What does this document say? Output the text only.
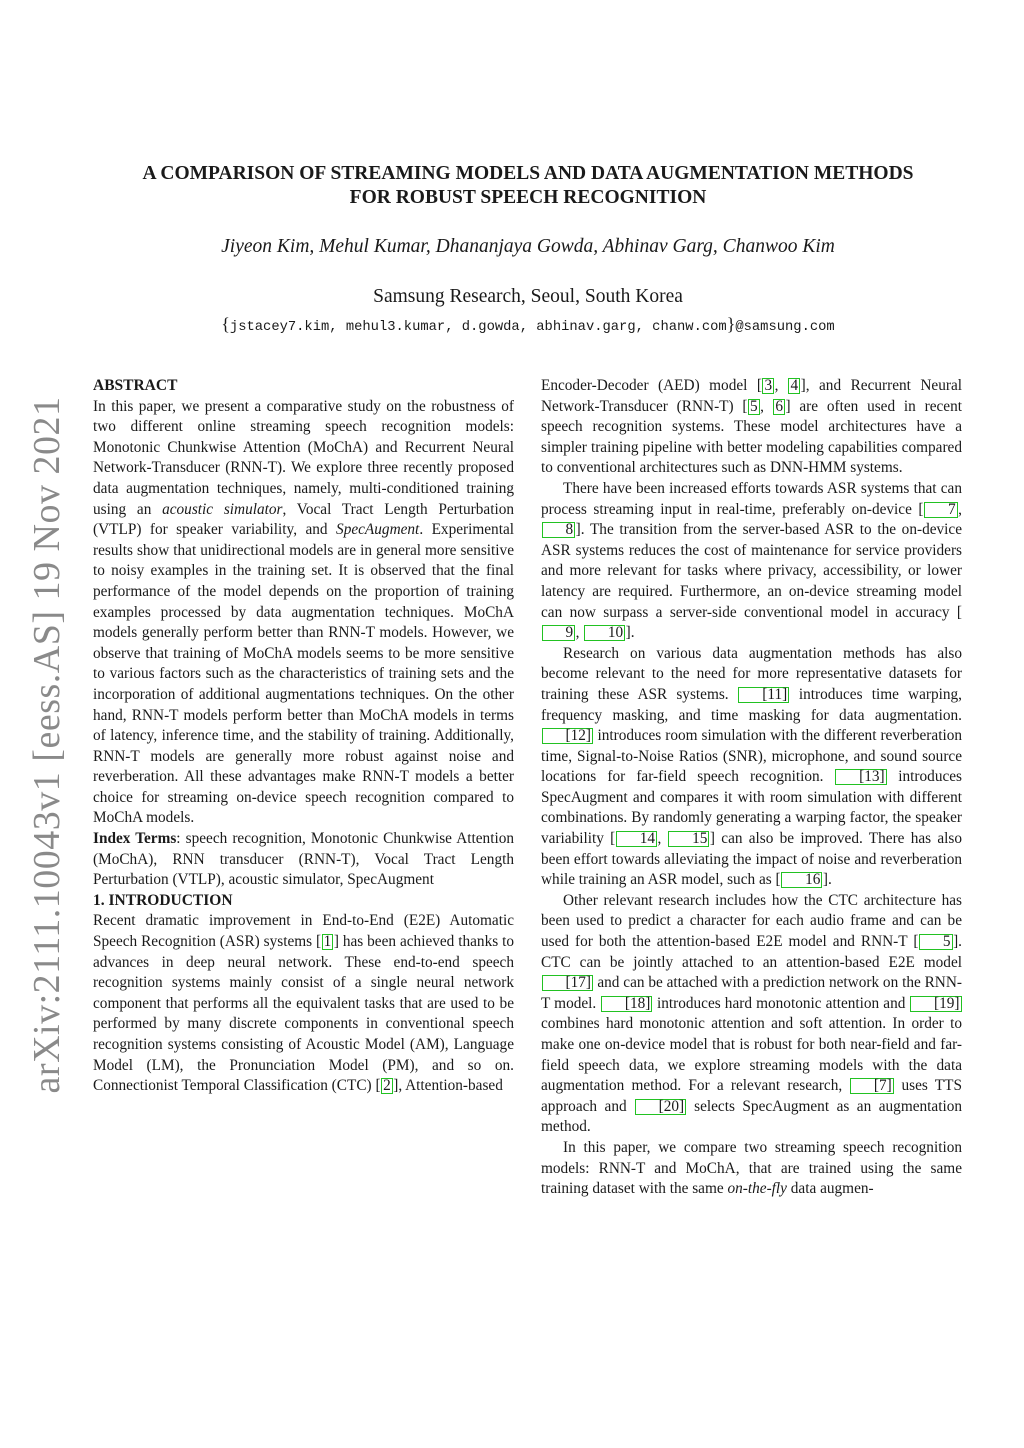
arXiv:2111.10043v1 [eess.AS] 19 Nov 2021

A COMPARISON OF STREAMING MODELS AND DATA AUGMENTATION METHODS

FOR ROBUST SPEECH RECOGNITION

Jiyeon Kim, Mehul Kumar, Dhananjaya Gowda, Abhinav Garg, Chanwoo Kim
Samsung Research, Seoul, South Korea
{jstacey7.kim, mehul3.kumar, d.gowda, abhinav.garg, chanw.com}@samsung.com

ABSTRACT

In this paper, we present a comparative study on the robustness of two different online streaming speech recognition models: Monotonic Chunkwise Attention (MoChA) and Recurrent Neural Network-Transducer (RNN-T). We explore three recently proposed data augmentation techniques, namely, multi-conditioned training using an acoustic simulator, Vocal Tract Length Perturbation (VTLP) for speaker variability, and SpecAugment. Experimental results show that unidirectional models are in general more sensitive to noisy examples in the training set. It is observed that the final performance of the model depends on the proportion of training examples processed by data augmentation techniques. MoChA models generally perform better than RNN-T models. However, we observe that training of MoChA models seems to be more sensitive to various factors such as the characteristics of training sets and the incorporation of additional augmentations techniques. On the other hand, RNN-T models perform better than MoChA models in terms of latency, inference time, and the stability of training. Additionally, RNN-T models are generally more robust against noise and reverberation. All these advantages make RNN-T models a better choice for streaming on-device speech recognition compared to MoChA models.

Index Terms: speech recognition, Monotonic Chunkwise Attention (MoChA), RNN transducer (RNN-T), Vocal Tract Length Perturbation (VTLP), acoustic simulator, SpecAugment

1. INTRODUCTION

Recent dramatic improvement in End-to-End (E2E) Automatic Speech Recognition (ASR) systems [ 1 ] has been achieved thanks to advances in deep neural network. These end-to-end speech recognition systems mainly consist of a single neural network component that performs all the equivalent tasks that are used to be performed by many discrete components in conventional speech recognition systems consisting of Acoustic Model (AM), Language Model (LM), the Pronunciation Model (PM), and so on. Connectionist Temporal Classification (CTC) [ 2 ], Attention-based

Encoder-Decoder (AED) model [ 3 , 4 ], and Recurrent Neural Network-Transducer (RNN-T) [ 5 , 6 ] are often used in recent speech recognition systems. These model architectures have a simpler training pipeline with better modeling capabilities compared to conventional architectures such as DNN-HMM systems.

There have been increased efforts towards ASR systems that can process streaming input in real-time, preferably on-device [ 7 , 8 ]. The transition from the server-based ASR to the on-device ASR systems reduces the cost of maintenance for service providers and more relevant for tasks where privacy, accessibility, or lower latency are required. Furthermore, an on-device streaming model can now surpass a server-side conventional model in accuracy [9 , 10 ].

Research on various data augmentation methods has also become relevant to the need for more representative datasets for training these ASR systems. [11] introduces time warping, frequency masking, and time masking for data augmentation. [12] introduces room simulation with the different reverberation time, Signal-to-Noise Ratios (SNR), microphone, and sound source locations for far-field speech recognition. [13] introduces SpecAugment and compares it with room simulation with different combinations. By randomly generating a warping factor, the speaker variability [ 14 , 15 ] can also be improved. There has also been effort towards alleviating the impact of noise and reverberation while training an ASR model, such as [ 16 ].

Other relevant research includes how the CTC architecture has been used to predict a character for each audio frame and can be used for both the attention-based E2E model and RNN-T [ 5 ]. CTC can be jointly attached to an attention-based E2E model [17] and can be attached with a prediction network on the RNN-T model. [18] introduces hard monotonic attention and [19] combines hard monotonic attention and soft attention. In order to make one on-device model that is robust for both near-field and far-field speech data, we explore streaming models with the data augmentation method. For a relevant research, [7] uses TTS approach and [20] selects SpecAugment as an augmentation method.

In this paper, we compare two streaming speech recognition models: RNN-T and MoChA, that are trained using the same training dataset with the same on-the-fly data augmen-
